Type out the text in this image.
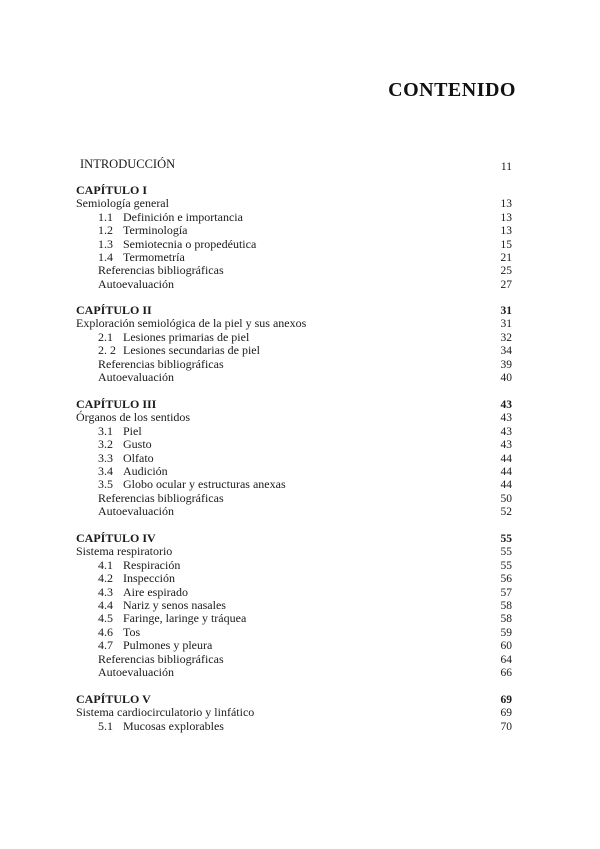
CONTENIDO
INTRODUCCIÓN	11
CAPÍTULO I
Semiología general	13
1.1 Definición e importancia	13
1.2 Terminología	13
1.3 Semiotecnia o propedéutica	15
1.4 Termometría	21
Referencias bibliográficas	25
Autoevaluación	27
CAPÍTULO II	31
Exploración semiológica de la piel y sus anexos	31
2.1 Lesiones primarias de piel	32
2. 2 Lesiones secundarias de piel	34
Referencias bibliográficas	39
Autoevaluación	40
CAPÍTULO III	43
Órganos de los sentidos	43
3.1 Piel	43
3.2 Gusto	43
3.3 Olfato	44
3.4 Audición	44
3.5 Globo ocular y estructuras anexas	44
Referencias bibliográficas	50
Autoevaluación	52
CAPÍTULO IV	55
Sistema respiratorio	55
4.1 Respiración	55
4.2 Inspección	56
4.3 Aire espirado	57
4.4 Nariz y senos nasales	58
4.5 Faringe, laringe y tráquea	58
4.6 Tos	59
4.7 Pulmones y pleura	60
Referencias bibliográficas	64
Autoevaluación	66
CAPÍTULO V	69
Sistema cardiocirculatorio y linfático	69
5.1 Mucosas explorables	70
